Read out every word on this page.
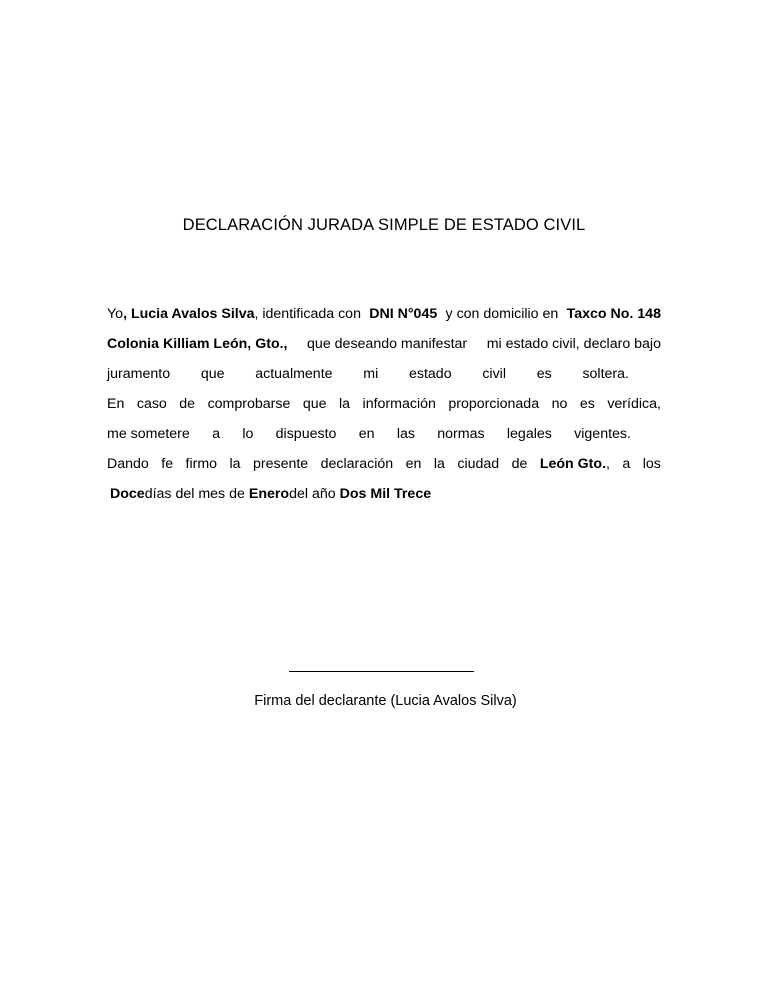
DECLARACIÓN JURADA SIMPLE DE ESTADO CIVIL
Yo, Lucia Avalos Silva, identificada con DNI N°045 y con domicilio en Taxco No. 148
Colonia Killiam León, Gto., que deseando manifestar mi estado civil, declaro bajo
juramento que actualmente mi estado civil es soltera.
En caso de comprobarse que la información proporcionada no es verídica,
me sometere a lo dispuesto en las normas legales vigentes.
Dando fe firmo la presente declaración en la ciudad de León Gto., a los
Doce días del mes de Enero del año Dos Mil Trece
Firma del declarante (Lucia Avalos Silva)
